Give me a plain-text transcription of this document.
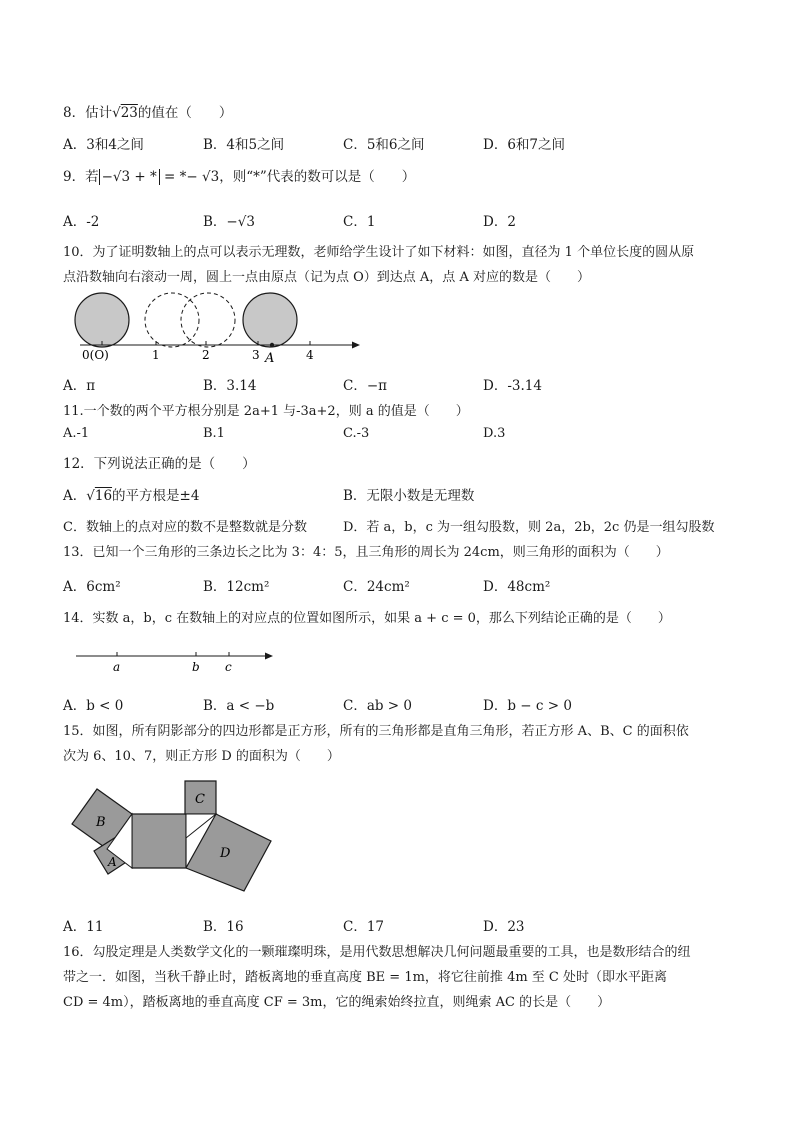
8．估计√23的值在（　　）
A．3和4之间	B．4和5之间	C．5和6之间	D．6和7之间
9．若 −√3 + * = *− √3，则“*”代表的数可以是（　　）
A．-2	B．−√3	C．1	D．2
10．为了证明数轴上的点可以表示无理数，老师给学生设计了如下材料：如图，直径为 1 个单位长度的圆从原
点沿数轴向右滚动一周，圆上一点由原点（记为点 O）到达点 A，点 A 对应的数是（　　）
0(O)	1	2	3 A	4
A．π	B．3.14	C．−π	D．-3.14
11.一个数的两个平方根分别是 2a+1 与-3a+2，则 a 的值是（　　）
A.-1	B.1	C.-3	D.3
12．下列说法正确的是（　　）
A．√16的平方根是±4	B．无限小数是无理数
C．数轴上的点对应的数不是整数就是分数	D．若 a，b，c 为一组勾股数，则 2a，2b，2c 仍是一组勾股数
13．已知一个三角形的三条边长之比为 3：4：5，且三角形的周长为 24cm，则三角形的面积为（　　）
A．6cm²	B．12cm²	C．24cm²	D．48cm²
14．实数 a，b，c 在数轴上的对应点的位置如图所示，如果 a + c = 0，那么下列结论正确的是（　　）
a	b c
A．b < 0	B．a < −b	C．ab > 0	D．b − c > 0
15．如图，所有阴影部分的四边形都是正方形，所有的三角形都是直角三角形，若正方形 A、B、C 的面积依
次为 6、10、7，则正方形 D 的面积为（　　）
B
C
D
A
A．11	B．16	C．17	D．23
16．勾股定理是人类数学文化的一颗璀璨明珠，是用代数思想解决几何问题最重要的工具，也是数形结合的纽
带之一．如图，当秋千静止时，踏板离地的垂直高度 BE = 1m，将它往前推 4m 至 C 处时（即水平距离
CD = 4m），踏板离地的垂直高度 CF = 3m，它的绳索始终拉直，则绳索 AC 的长是（　　）
